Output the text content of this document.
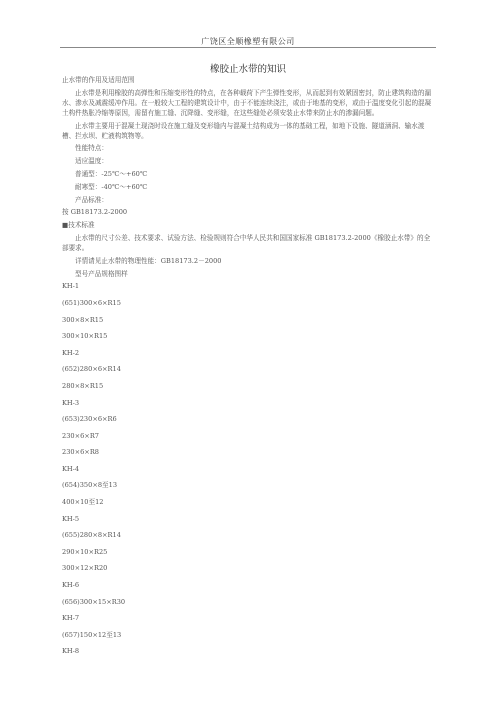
广饶区全顺橡塑有限公司
橡胶止水带的知识

止水带的作用及适用范围

止水带是利用橡胶的高弹性和压缩变形性的特点，在各种载荷下产生弹性变形，从而起到有效紧固密封，防止建筑构造的漏水、渗水及减震缓冲作用。在一般较大工程的建筑设计中，由于不能连续浇注，或由于地基的变形，或由于温度变化引起的混凝土构件热胀冷缩等原因，需留有施工缝、沉降缝、变形缝，在这些缝处必须安装止水带来防止水的渗漏问题。

止水带主要用于混凝土现浇时设在施工缝及变形缝内与混凝土结构成为一体的基础工程，如地下设施、隧道涵洞、输水渡槽、拦水坝、贮液构筑物等。

性能特点：

适应温度：

普通型：-25℃～+60℃

耐寒型：-40℃～+60℃

产品标准：

按 GB18173.2-2000

■技术标准

止水带的尺寸公差、技术要求、试验方法、检验规则符合中华人民共和国国家标准 GB18173.2-2000《橡胶止水带》的全部要求。

详情请见止水带的物理性能：GB18173.2－2000

型号产品规格图样

KH-1

(651)300×6×R15

300×8×R15

300×10×R15

KH-2

(652)280×6×R14

280×8×R15

KH-3

(653)230×6×R6

230×6×R7

230×6×R8

KH-4

(654)350×8至13

400×10至12

KH-5

(655)280×8×R14

290×10×R25

300×12×R20

KH-6

(656)300×15×R30

KH-7

(657)150×12至13

KH-8
